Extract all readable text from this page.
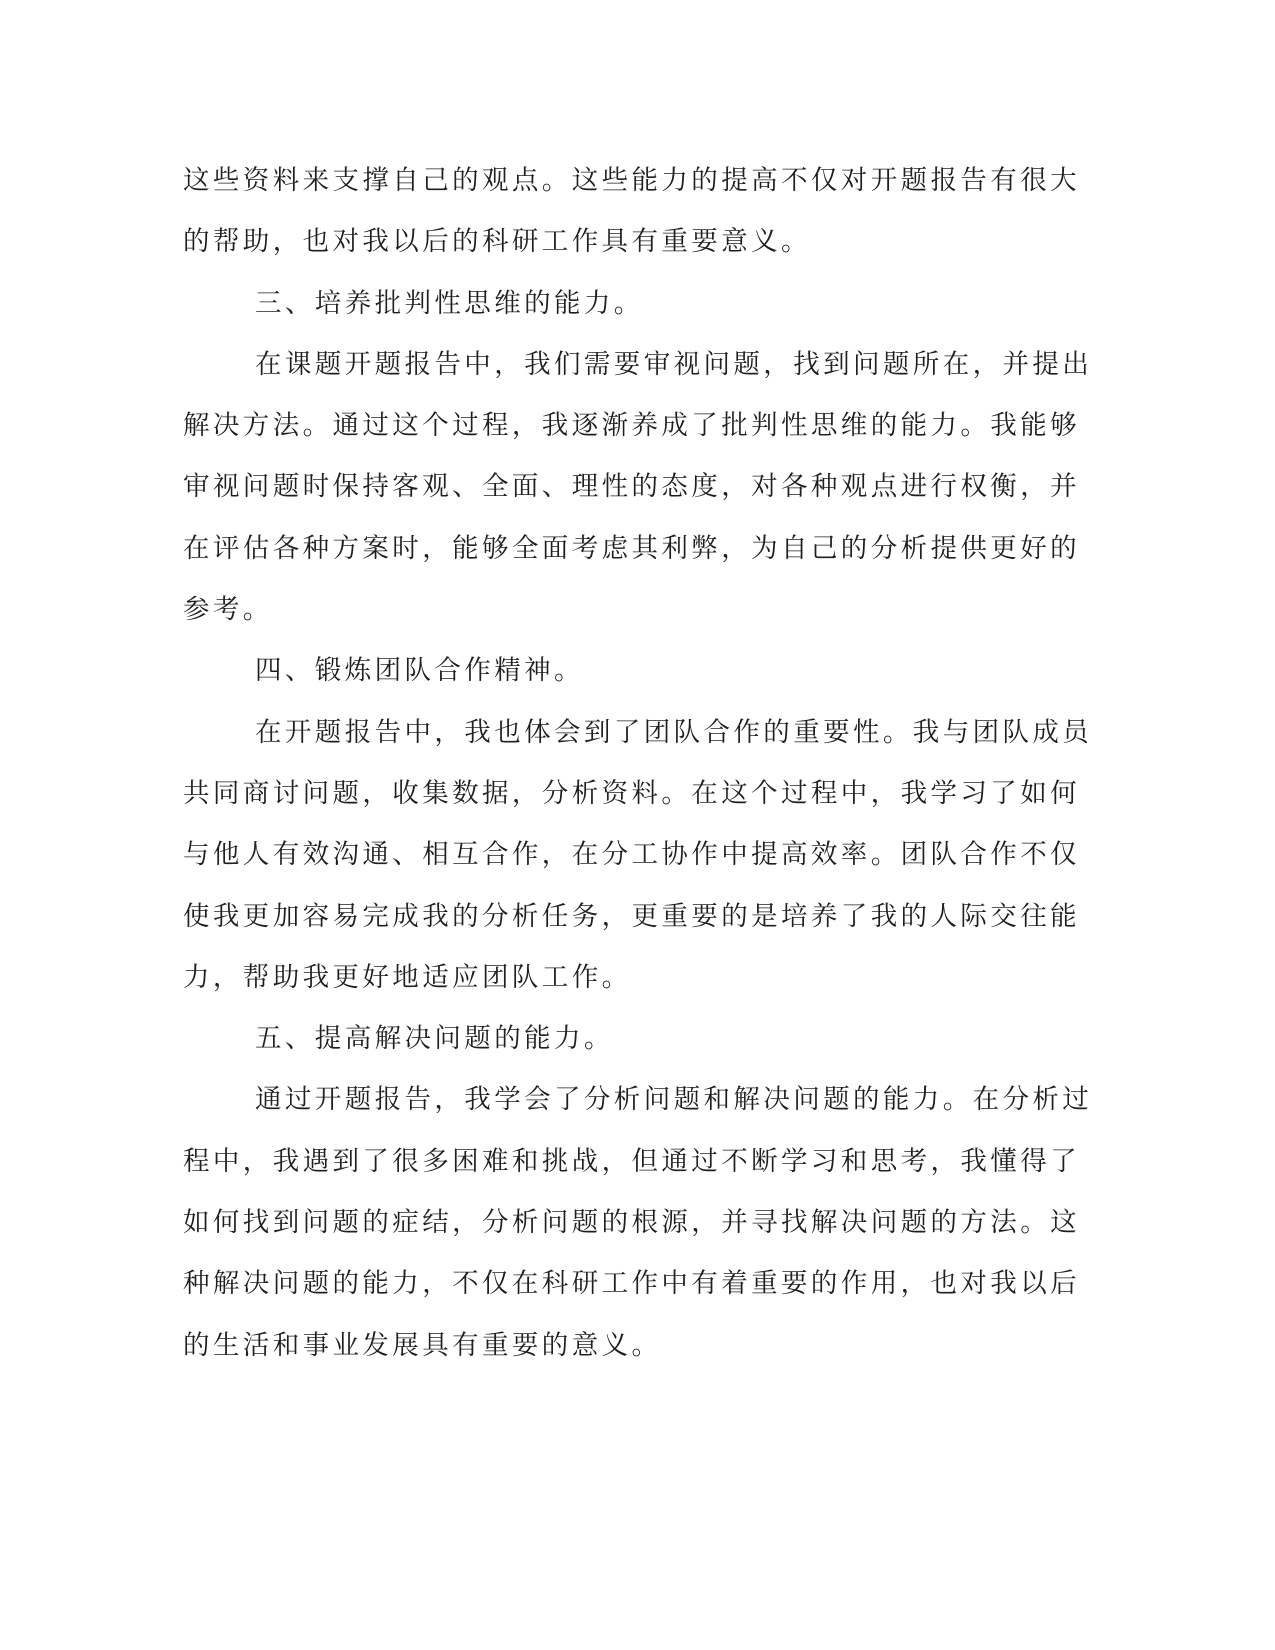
这些资料来支撑自己的观点。这些能力的提高不仅对开题报告有很大
的帮助，也对我以后的科研工作具有重要意义。
三、培养批判性思维的能力。
在课题开题报告中，我们需要审视问题，找到问题所在，并提出
解决方法。通过这个过程，我逐渐养成了批判性思维的能力。我能够
审视问题时保持客观、全面、理性的态度，对各种观点进行权衡，并
在评估各种方案时，能够全面考虑其利弊，为自己的分析提供更好的
参考。
四、锻炼团队合作精神。
在开题报告中，我也体会到了团队合作的重要性。我与团队成员
共同商讨问题，收集数据，分析资料。在这个过程中，我学习了如何
与他人有效沟通、相互合作，在分工协作中提高效率。团队合作不仅
使我更加容易完成我的分析任务，更重要的是培养了我的人际交往能
力，帮助我更好地适应团队工作。
五、提高解决问题的能力。
通过开题报告，我学会了分析问题和解决问题的能力。在分析过
程中，我遇到了很多困难和挑战，但通过不断学习和思考，我懂得了
如何找到问题的症结，分析问题的根源，并寻找解决问题的方法。这
种解决问题的能力，不仅在科研工作中有着重要的作用，也对我以后
的生活和事业发展具有重要的意义。
